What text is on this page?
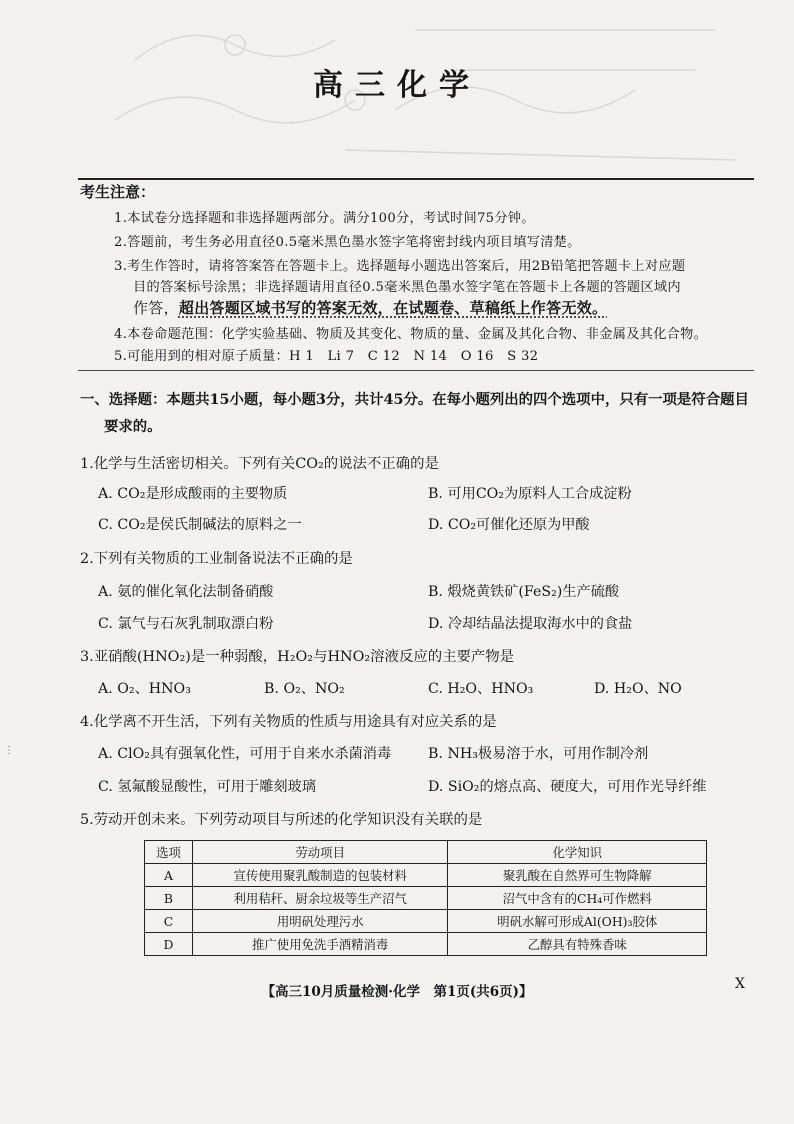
高三化学
考生注意：
1.本试卷分选择题和非选择题两部分。满分100分，考试时间75分钟。
2.答题前，考生务必用直径0.5毫米黑色墨水签字笔将密封线内项目填写清楚。
3.考生作答时，请将答案答在答题卡上。选择题每小题选出答案后，用2B铅笔把答题卡上对应题
目的答案标号涂黑；非选择题请用直径0.5毫米黑色墨水签字笔在答题卡上各题的答题区域内
作答，超出答题区域书写的答案无效，在试题卷、草稿纸上作答无效。
4.本卷命题范围：化学实验基础、物质及其变化、物质的量、金属及其化合物、非金属及其化合物。
5.可能用到的相对原子质量：H 1　Li 7　C 12　N 14　O 16　S 32
一、选择题：本题共15小题，每小题3分，共计45分。在每小题列出的四个选项中，只有一项是符合题目
要求的。
1.化学与生活密切相关。下列有关CO₂的说法不正确的是
A. CO₂是形成酸雨的主要物质	B. 可用CO₂为原料人工合成淀粉
C. CO₂是侯氏制碱法的原料之一	D. CO₂可催化还原为甲酸
2.下列有关物质的工业制备说法不正确的是
A. 氨的催化氧化法制备硝酸	B. 煅烧黄铁矿(FeS₂)生产硫酸
C. 氯气与石灰乳制取漂白粉	D. 冷却结晶法提取海水中的食盐
3.亚硝酸(HNO₂)是一种弱酸，H₂O₂与HNO₂溶液反应的主要产物是
A. O₂、HNO₃	B. O₂、NO₂	C. H₂O、HNO₃	D. H₂O、NO
4.化学离不开生活，下列有关物质的性质与用途具有对应关系的是
A. ClO₂具有强氧化性，可用于自来水杀菌消毒	B. NH₃极易溶于水，可用作制冷剂
C. 氢氟酸显酸性，可用于雕刻玻璃	D. SiO₂的熔点高、硬度大，可用作光导纤维
5.劳动开创未来。下列劳动项目与所述的化学知识没有关联的是
选项	劳动项目	化学知识
A	宣传使用聚乳酸制造的包装材料	聚乳酸在自然界可生物降解
B	利用秸秆、厨余垃圾等生产沼气	沼气中含有的CH₄可作燃料
C	用明矾处理污水	明矾水解可形成Al(OH)₃胶体
D	推广使用免洗手酒精消毒	乙醇具有特殊香味
【高三10月质量检测·化学　第1页(共6页)】	X
⋮
